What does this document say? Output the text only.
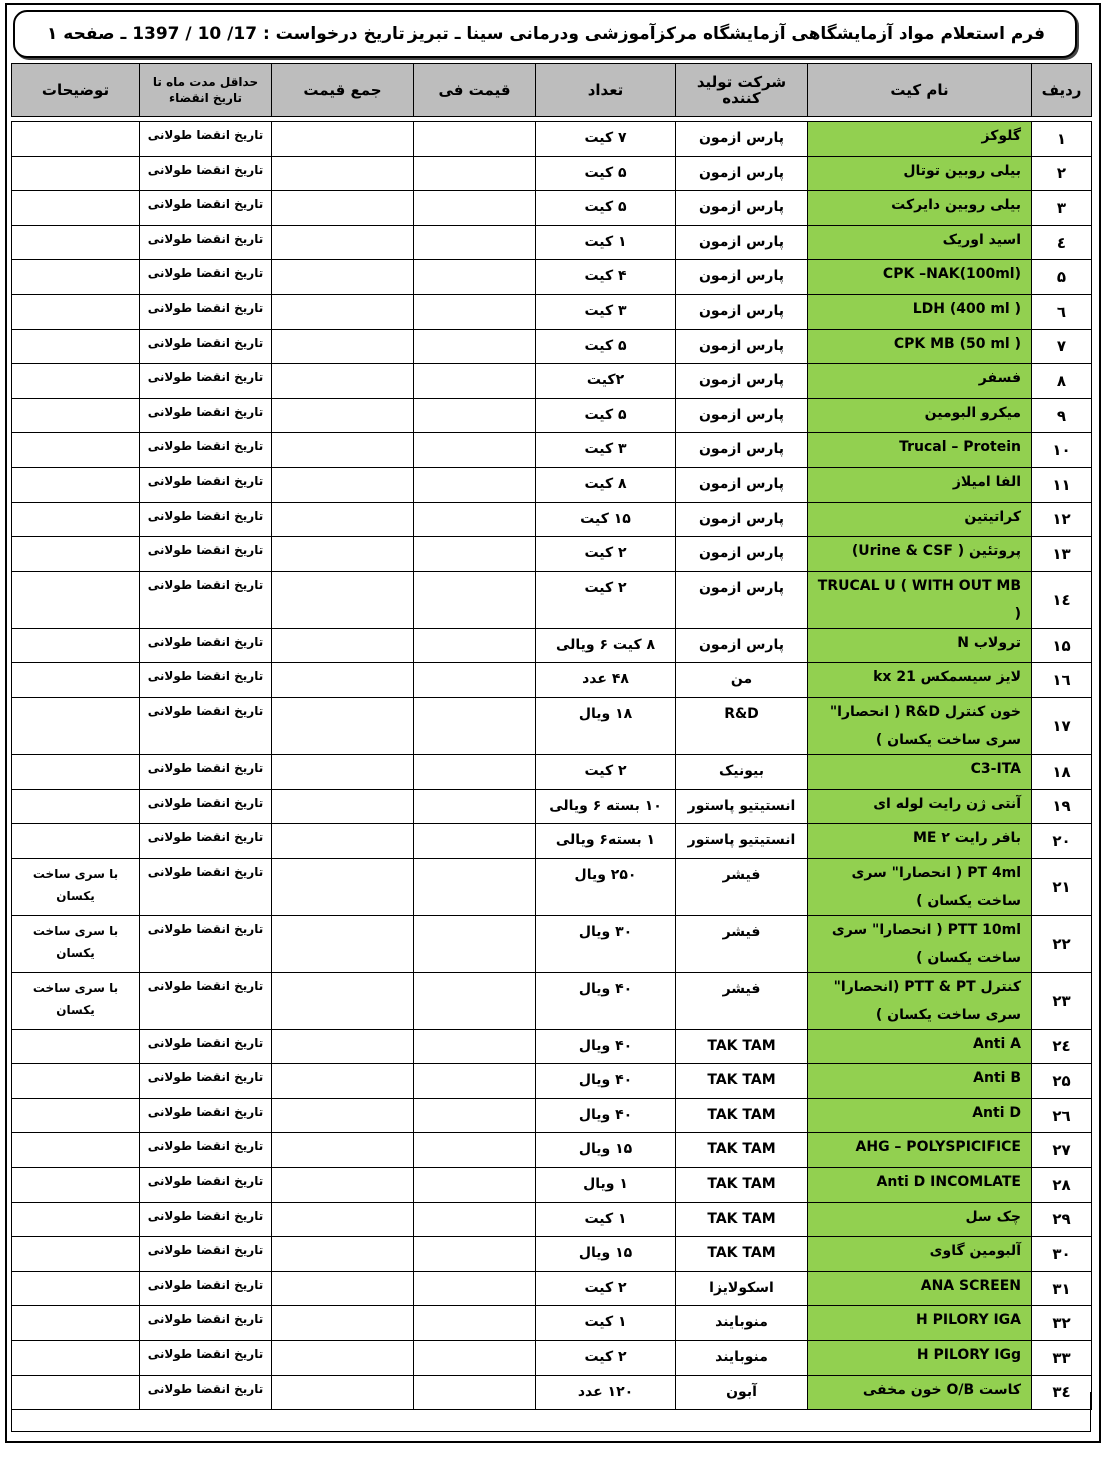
فرم استعلام مواد آزمایشگاهی آزمایشگاه مرکزآموزشی ودرمانی سینا ـ تبریز
تاریخ درخواست : 17/ 10 / 1397 ـ صفحه ١
ردیف	نام کیت	شرکت تولید کننده	تعداد	قیمت فی	جمع قیمت	حداقل مدت ماه تا تاریخ انقضاء	توضیحات

١	گلوکز	پارس ازمون	٧ کیت			تاریخ انقضا طولانی	
٢	بیلی روبین توتال	پارس ازمون	۵ کیت			تاریخ انقضا طولانی	
٣	بیلی روبین دایرکت	پارس ازمون	۵ کیت			تاریخ انقضا طولانی	
٤	اسید اوریک	پارس ازمون	١ کیت			تاریخ انقضا طولانی	
۵	CPK –NAK(100ml)	پارس ازمون	۴ کیت			تاریخ انقضا طولانی	
٦	LDH (400 ml )	پارس ازمون	٣ کیت			تاریخ انقضا طولانی	
٧	CPK MB (50 ml )	پارس ازمون	۵ کیت			تاریخ انقضا طولانی	
٨	فسفر	پارس ازمون	٢کیت			تاریخ انقضا طولانی	
٩	میکرو البومین	پارس ازمون	۵ کیت			تاریخ انقضا طولانی	
١٠	Trucal – Protein	پارس ازمون	٣ کیت			تاریخ انقضا طولانی	
١١	الفا امیلاز	پارس ازمون	٨ کیت			تاریخ انقضا طولانی	
١٢	کراتیتین	پارس ازمون	١۵ کیت			تاریخ انقضا طولانی	
١٣	پروتئین ( Urine & CSF)	پارس ازمون	٢ کیت			تاریخ انقضا طولانی	
١٤	TRUCAL U ( WITH OUT MB )	پارس ازمون	٢ کیت			تاریخ انقضا طولانی	
١۵	ترولاب N	پارس ازمون	٨ کیت ۶ ویالی			تاریخ انقضا طولانی	
١٦	لایز سیسمکس kx 21	من	۴٨ عدد			تاریخ انقضا طولانی	
١٧	خون کنترل R&D ( انحصارا" سری ساخت یکسان )	R&D	١٨ ویال			تاریخ انقضا طولانی	
١٨	C3-ITA	بیونیک	٢ کیت			تاریخ انقضا طولانی	
١٩	آنتی ژن رایت لوله ای	انستیتیو پاستور	١٠ بسته ۶ ویالی			تاریخ انقضا طولانی	
٢٠	بافر رایت ٢ ME	انستیتیو پاستور	١ بسته۶ ویالی			تاریخ انقضا طولانی	
٢١	PT 4ml ( انحصارا" سری ساخت یکسان )	فیشر	٢۵٠ ویال			تاریخ انقضا طولانی	با سری ساخت یکسان
٢٢	PTT 10ml ( انحصارا" سری ساخت یکسان )	فیشر	٣٠ ویال			تاریخ انقضا طولانی	با سری ساخت یکسان
٢٣	کنترل PTT & PT (انحصارا" سری ساخت یکسان )	فیشر	۴٠ ویال			تاریخ انقضا طولانی	با سری ساخت یکسان
٢٤	Anti A	TAK TAM	۴٠ ویال			تاریخ انقضا طولانی	
٢۵	Anti B	TAK TAM	۴٠ ویال			تاریخ انقضا طولانی	
٢٦	Anti D	TAK TAM	۴٠ ویال			تاریخ انقضا طولانی	
٢٧	AHG – POLYSPICIFICE	TAK TAM	١۵ ویال			تاریخ انقضا طولانی	
٢٨	Anti D INCOMLATE	TAK TAM	١ ویال			تاریخ انقضا طولانی	
٢٩	چک سل	TAK TAM	١ کیت			تاریخ انقضا طولانی	
٣٠	آلبومین گاوی	TAK TAM	١۵ ویال			تاریخ انقضا طولانی	
٣١	ANA SCREEN	اسکولایزا	٢ کیت			تاریخ انقضا طولانی	
٣٢	H PILORY IGA	منوبایند	١ کیت			تاریخ انقضا طولانی	
٣٣	H PILORY IGg	منوبایند	٢ کیت			تاریخ انقضا طولانی	
٣٤	کاست O/B خون مخفی	آبون	١٢٠ عدد			تاریخ انقضا طولانی	
